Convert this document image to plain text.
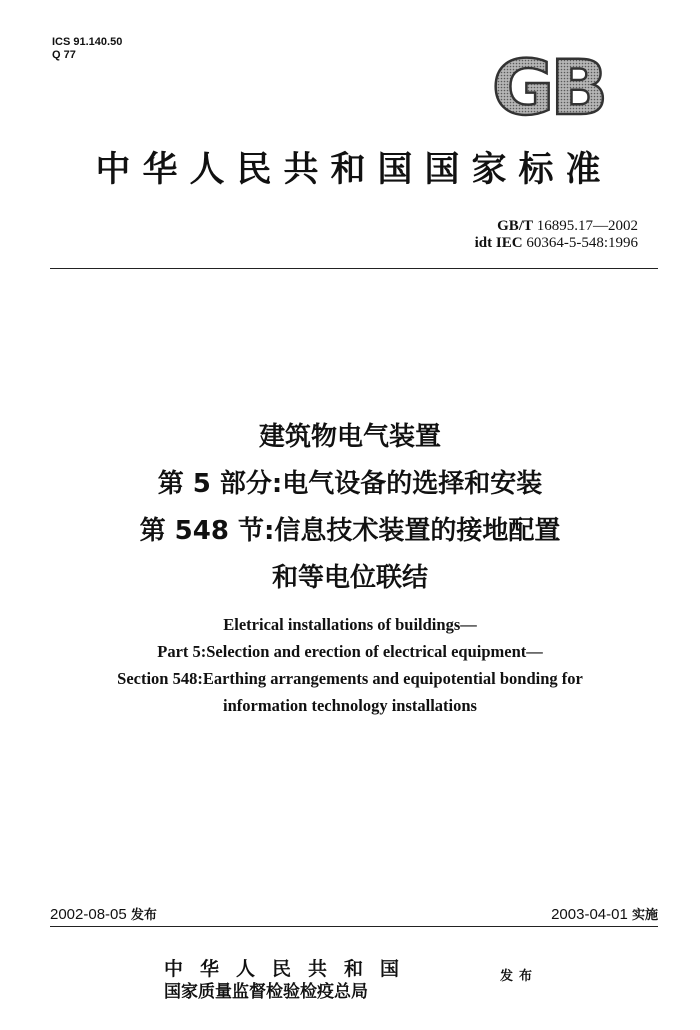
ICS 91.140.50
Q 77	GB
中华人民共和国国家标准
GB/T 16895.17—2002
idt IEC 60364-5-548:1996
建筑物电气装置
第 5 部分:电气设备的选择和安装
第 548 节:信息技术装置的接地配置
和等电位联结
Eletrical installations of buildings—
Part 5:Selection and erection of electrical equipment—
Section 548:Earthing arrangements and equipotential bonding for
information technology installations
2002-08-05 发布	2003-04-01 实施
中华人民共和国
国家质量监督检验检疫总局
发布
